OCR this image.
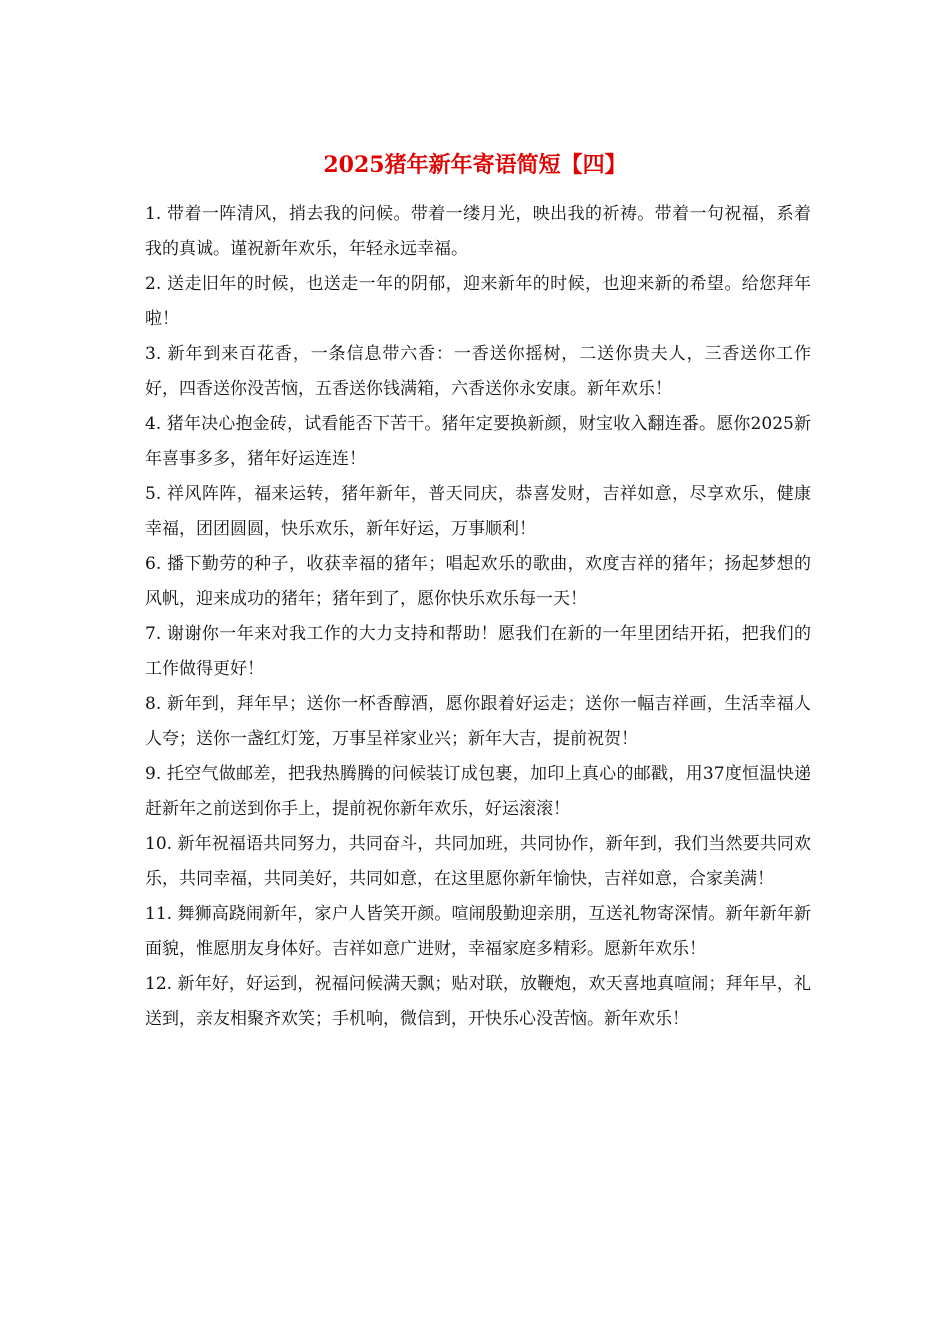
2025猪年新年寄语简短【四】

1. 带着一阵清风，捎去我的问候。带着一缕月光，映出我的祈祷。带着一句祝福，系着我的真诚。谨祝新年欢乐，年轻永远幸福。

2. 送走旧年的时候，也送走一年的阴郁，迎来新年的时候，也迎来新的希望。给您拜年啦！

3. 新年到来百花香，一条信息带六香：一香送你摇树，二送你贵夫人，三香送你工作好，四香送你没苦恼，五香送你钱满箱，六香送你永安康。新年欢乐！

4. 猪年决心抱金砖，试看能否下苦干。猪年定要换新颜，财宝收入翻连番。愿你2025新年喜事多多，猪年好运连连！

5. 祥风阵阵，福来运转，猪年新年，普天同庆，恭喜发财，吉祥如意，尽享欢乐，健康幸福，团团圆圆，快乐欢乐，新年好运，万事顺利！

6. 播下勤劳的种子，收获幸福的猪年；唱起欢乐的歌曲，欢度吉祥的猪年；扬起梦想的风帆，迎来成功的猪年；猪年到了，愿你快乐欢乐每一天！

7. 谢谢你一年来对我工作的大力支持和帮助！愿我们在新的一年里团结开拓，把我们的工作做得更好！

8. 新年到，拜年早；送你一杯香醇酒，愿你跟着好运走；送你一幅吉祥画，生活幸福人人夸；送你一盏红灯笼，万事呈祥家业兴；新年大吉，提前祝贺！

9. 托空气做邮差，把我热腾腾的问候装订成包裹，加印上真心的邮戳，用37度恒温快递赶新年之前送到你手上，提前祝你新年欢乐，好运滚滚！

10. 新年祝福语共同努力，共同奋斗，共同加班，共同协作，新年到，我们当然要共同欢乐，共同幸福，共同美好，共同如意，在这里愿你新年愉快，吉祥如意，合家美满！

11. 舞狮高跷闹新年，家户人皆笑开颜。喧闹殷勤迎亲朋，互送礼物寄深情。新年新年新面貌，惟愿朋友身体好。吉祥如意广进财，幸福家庭多精彩。愿新年欢乐！

12. 新年好，好运到，祝福问候满天飘；贴对联，放鞭炮，欢天喜地真喧闹；拜年早，礼送到，亲友相聚齐欢笑；手机响，微信到，开快乐心没苦恼。新年欢乐！
